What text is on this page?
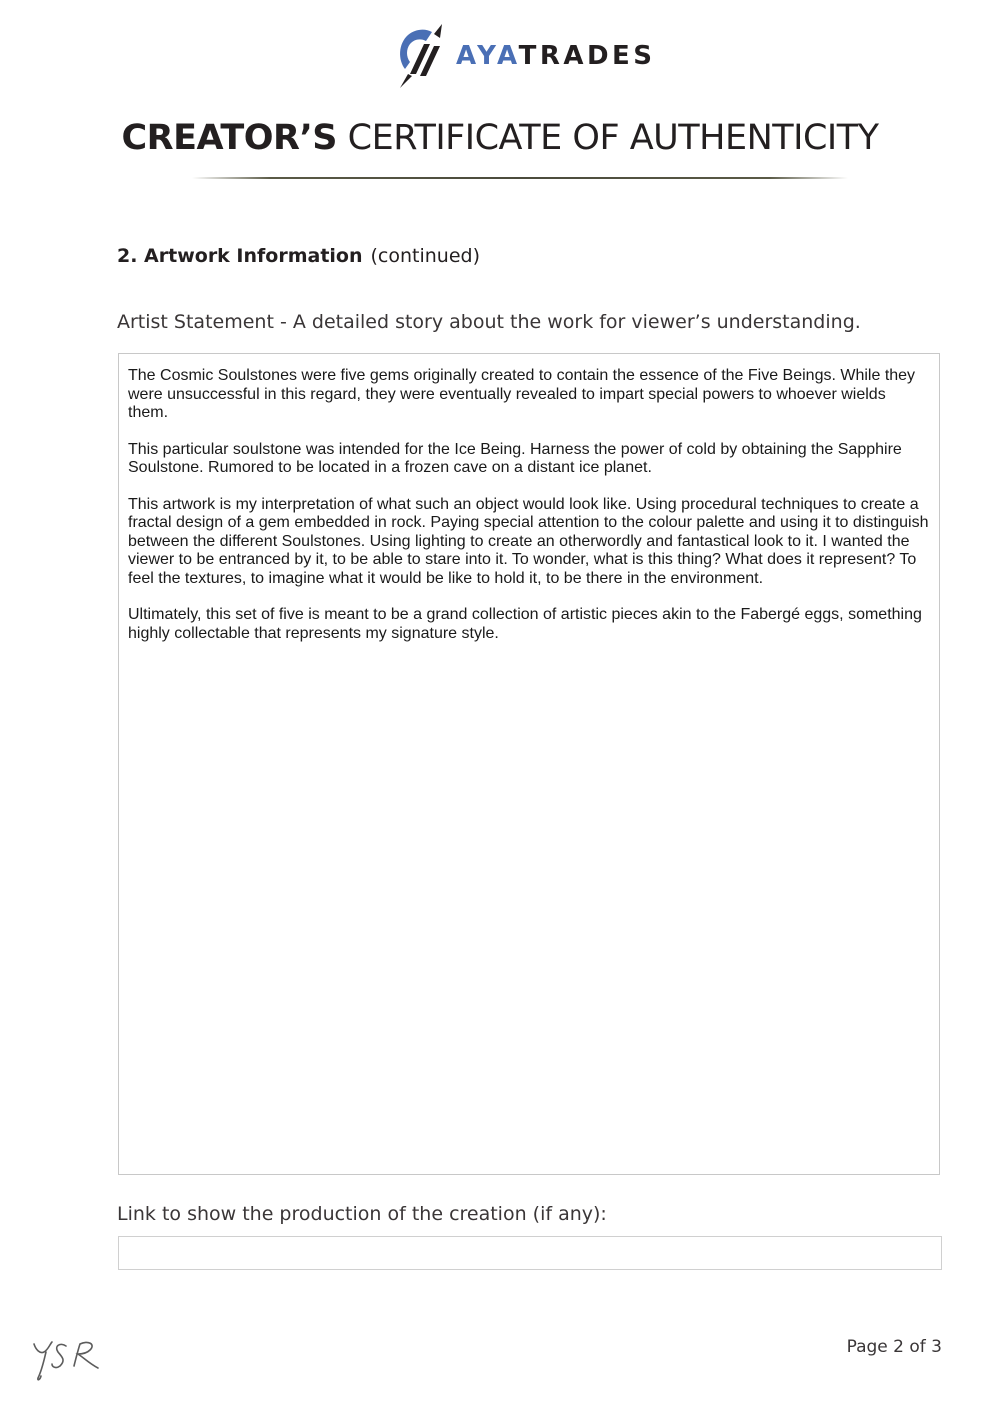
AYATRADES
CREATOR’S CERTIFICATE OF AUTHENTICITY
2. Artwork Information (continued)
Artist Statement - A detailed story about the work for viewer’s understanding.

The Cosmic Soulstones were five gems originally created to contain the essence of the Five Beings. While they were unsuccessful in this regard, they were eventually revealed to impart special powers to whoever wields them.

This particular soulstone was intended for the Ice Being. Harness the power of cold by obtaining the Sapphire Soulstone. Rumored to be located in a frozen cave on a distant ice planet.

This artwork is my interpretation of what such an object would look like. Using procedural techniques to create a fractal design of a gem embedded in rock. Paying special attention to the colour palette and using it to distinguish between the different Soulstones. Using lighting to create an otherwordly and fantastical look to it. I wanted the viewer to be entranced by it, to be able to stare into it. To wonder, what is this thing? What does it represent? To feel the textures, to imagine what it would be like to hold it, to be there in the environment.

Ultimately, this set of five is meant to be a grand collection of artistic pieces akin to the Fabergé eggs, something highly collectable that represents my signature style.

Link to show the production of the creation (if any):
Page 2 of 3
